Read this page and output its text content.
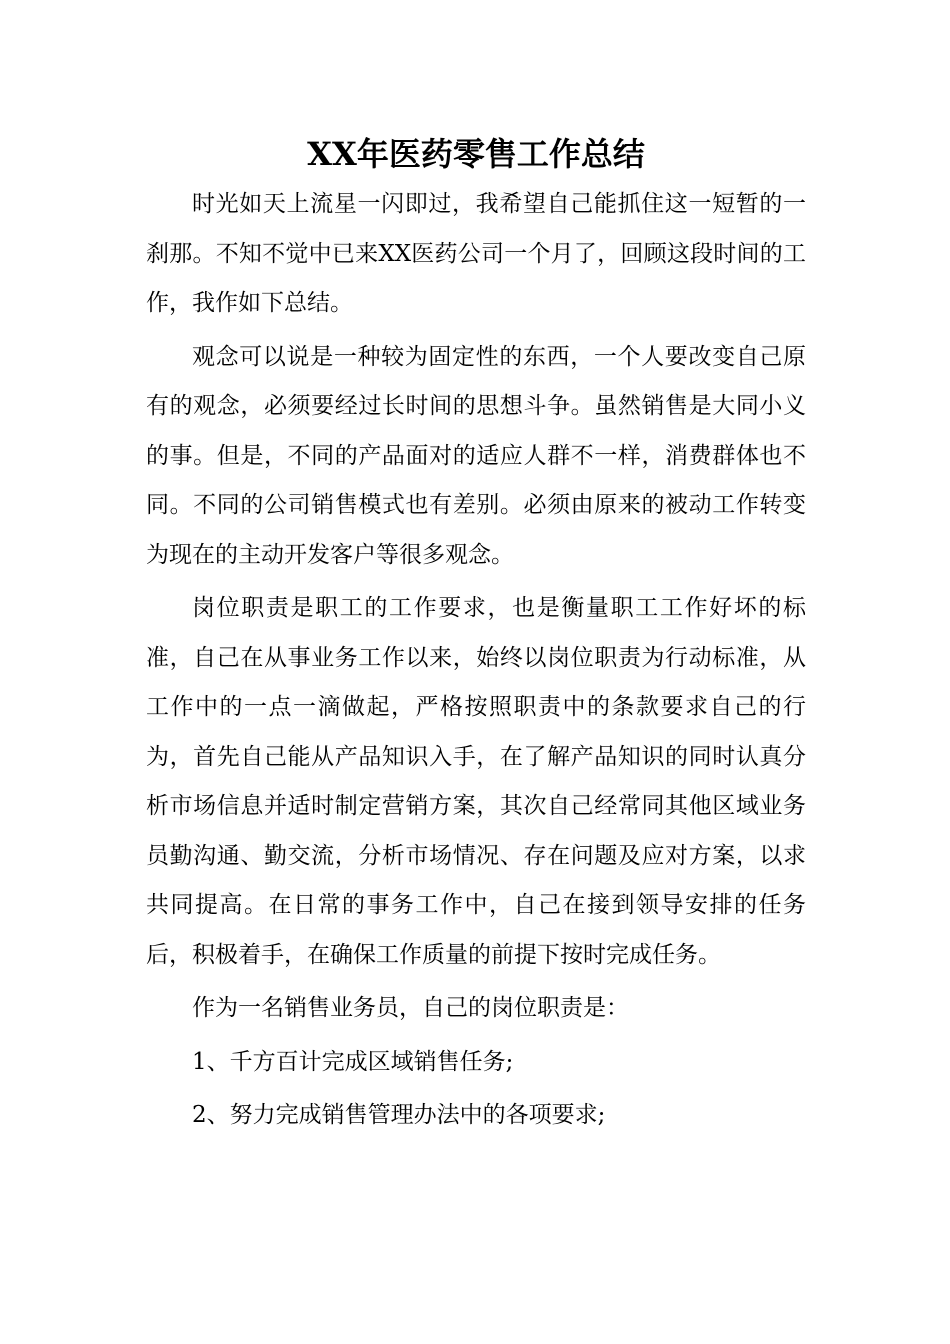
XX年医药零售工作总结

时光如天上流星一闪即过，我希望自己能抓住这一短暂的一刹那。不知不觉中已来XX医药公司一个月了，回顾这段时间的工作，我作如下总结。

观念可以说是一种较为固定性的东西，一个人要改变自己原有的观念，必须要经过长时间的思想斗争。虽然销售是大同小义的事。但是，不同的产品面对的适应人群不一样，消费群体也不同。不同的公司销售模式也有差别。必须由原来的被动工作转变为现在的主动开发客户等很多观念。

岗位职责是职工的工作要求，也是衡量职工工作好坏的标准，自己在从事业务工作以来，始终以岗位职责为行动标准，从工作中的一点一滴做起，严格按照职责中的条款要求自己的行为，首先自己能从产品知识入手，在了解产品知识的同时认真分析市场信息并适时制定营销方案，其次自己经常同其他区域业务员勤沟通、勤交流，分析市场情况、存在问题及应对方案，以求共同提高。在日常的事务工作中，自己在接到领导安排的任务后，积极着手，在确保工作质量的前提下按时完成任务。

作为一名销售业务员，自己的岗位职责是：

1、千方百计完成区域销售任务;

2、努力完成销售管理办法中的各项要求;
